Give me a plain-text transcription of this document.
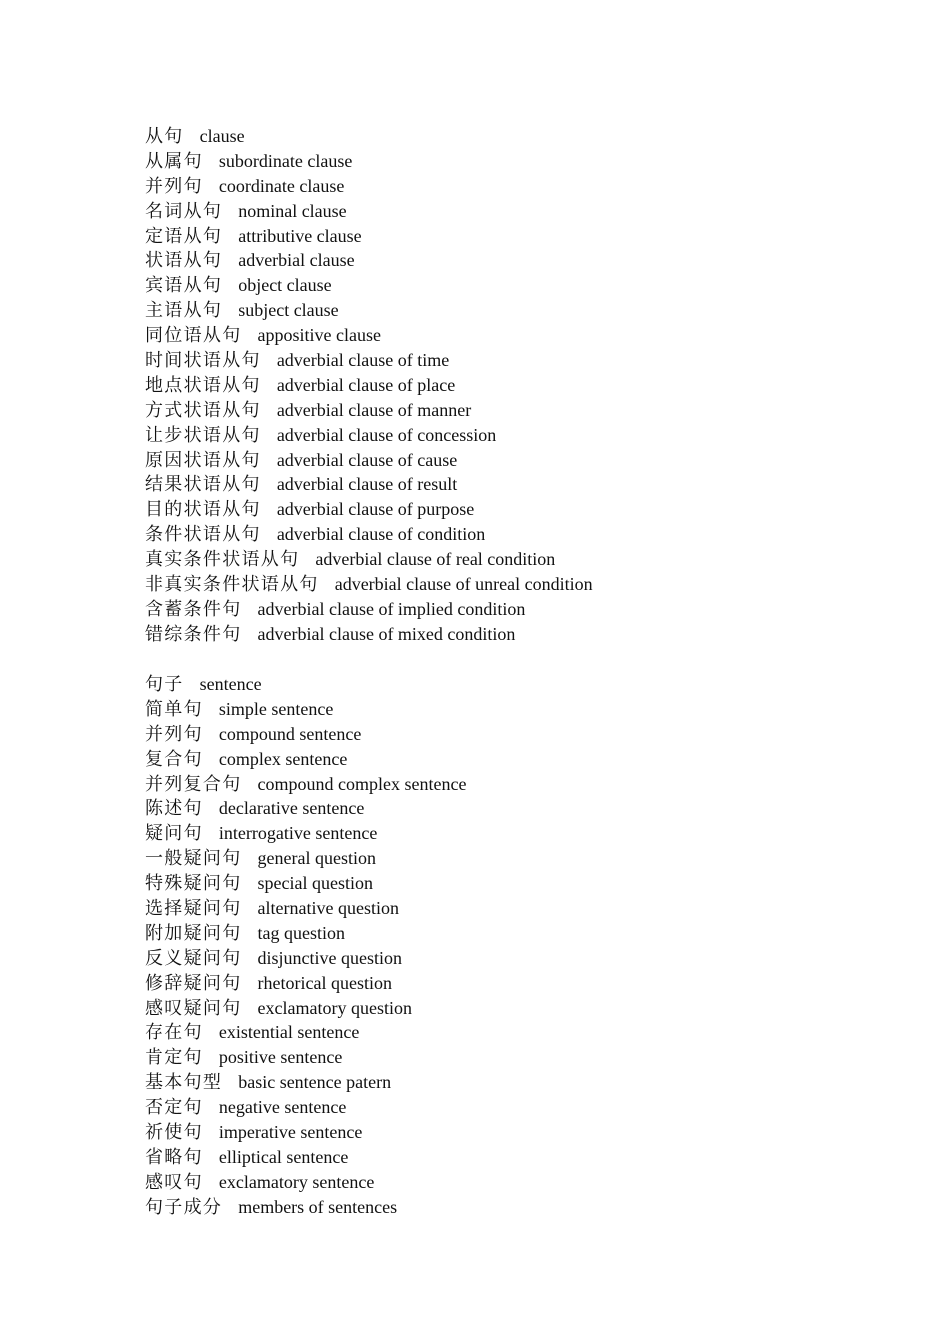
从句 clause
从属句 subordinate clause
并列句 coordinate clause
名词从句 nominal clause
定语从句 attributive clause
状语从句 adverbial clause
宾语从句 object clause
主语从句 subject clause
同位语从句 appositive clause
时间状语从句 adverbial clause of time
地点状语从句 adverbial clause of place
方式状语从句 adverbial clause of manner
让步状语从句 adverbial clause of concession
原因状语从句 adverbial clause of cause
结果状语从句 adverbial clause of result
目的状语从句 adverbial clause of purpose
条件状语从句 adverbial clause of condition
真实条件状语从句 adverbial clause of real condition
非真实条件状语从句 adverbial clause of unreal condition
含蓄条件句 adverbial clause of implied condition
错综条件句 adverbial clause of mixed condition
句子 sentence
简单句 simple sentence
并列句 compound sentence
复合句 complex sentence
并列复合句 compound complex sentence
陈述句 declarative sentence
疑问句 interrogative sentence
一般疑问句 general question
特殊疑问句 special question
选择疑问句 alternative question
附加疑问句 tag question
反义疑问句 disjunctive question
修辞疑问句 rhetorical question
感叹疑问句 exclamatory question
存在句 existential sentence
肯定句 positive sentence
基本句型 basic sentence patern
否定句 negative sentence
祈使句 imperative sentence
省略句 elliptical sentence
感叹句 exclamatory sentence
句子成分 members of sentences
